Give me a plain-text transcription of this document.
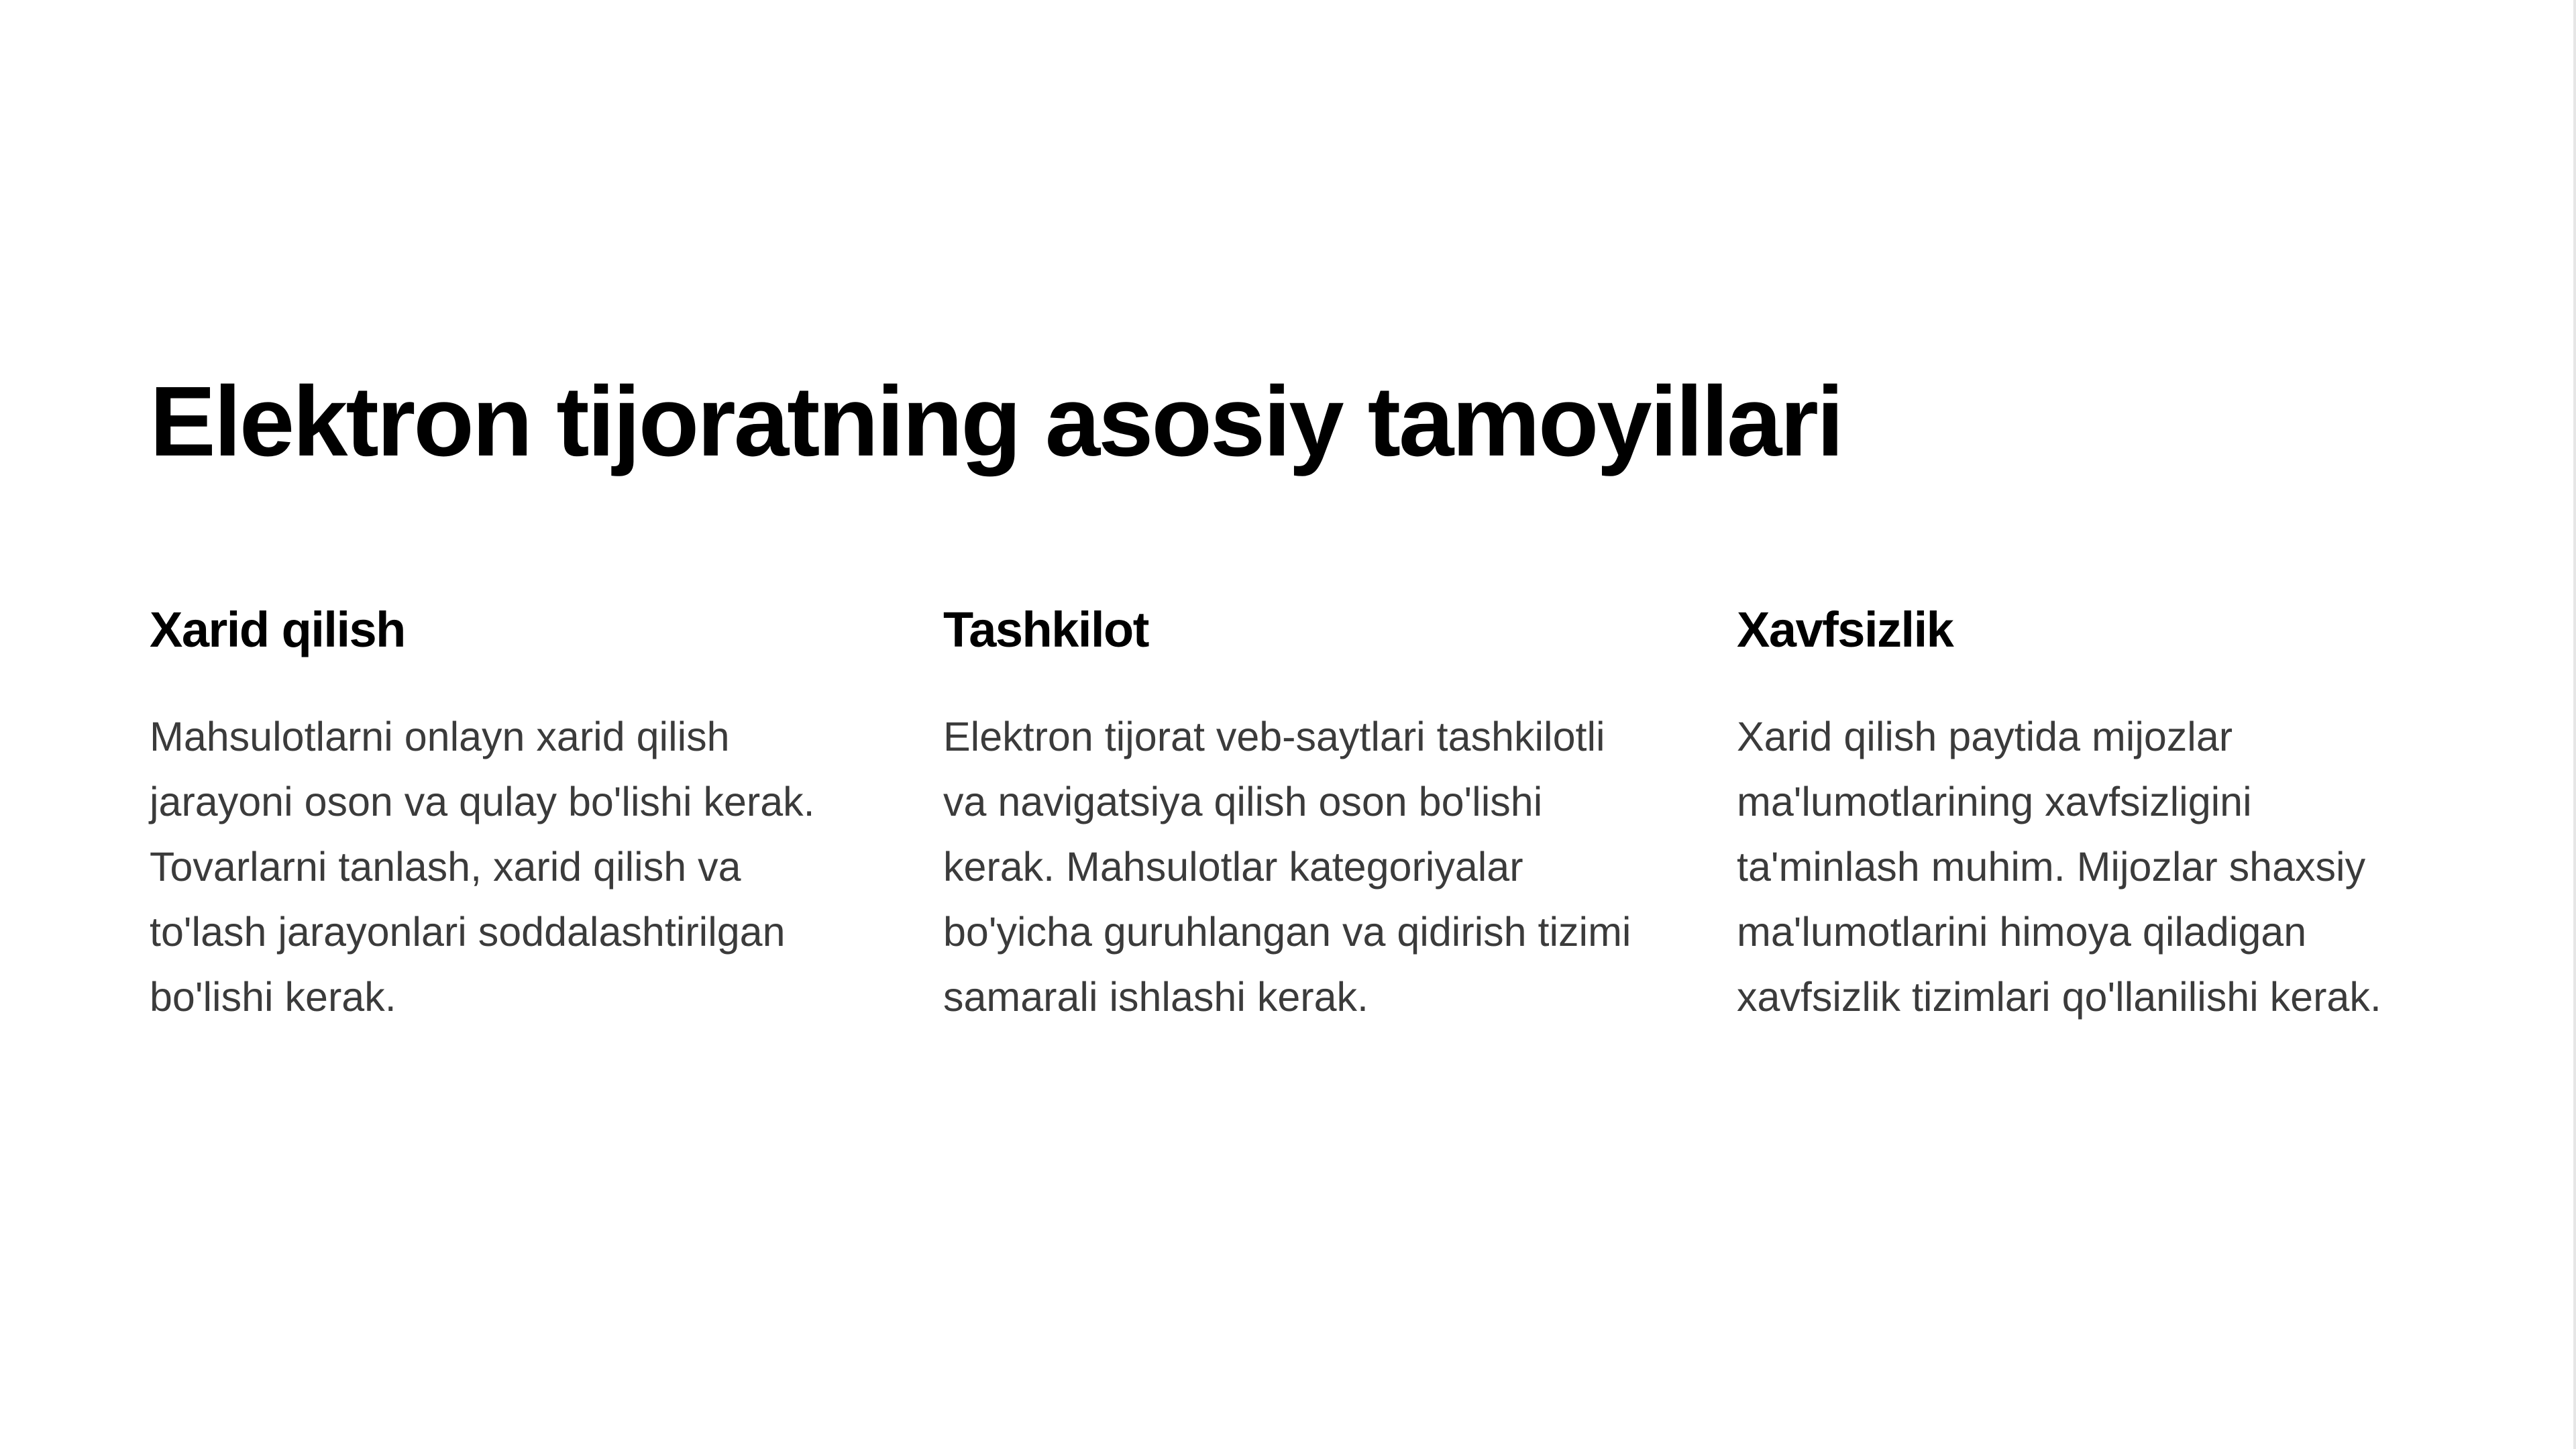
Elektron tijoratning asosiy tamoyillari
Xarid qilish

Mahsulotlarni onlayn xarid qilish jarayoni oson va qulay bo'lishi kerak. Tovarlarni tanlash, xarid qilish va to'lash jarayonlari soddalashtirilgan bo'lishi kerak.

Tashkilot

Elektron tijorat veb-saytlari tashkilotli va navigatsiya qilish oson bo'lishi kerak. Mahsulotlar kategoriyalar bo'yicha guruhlangan va qidirish tizimi samarali ishlashi kerak.

Xavfsizlik

Xarid qilish paytida mijozlar ma'lumotlarining xavfsizligini ta'minlash muhim. Mijozlar shaxsiy ma'lumotlarini himoya qiladigan xavfsizlik tizimlari qo'llanilishi kerak.
